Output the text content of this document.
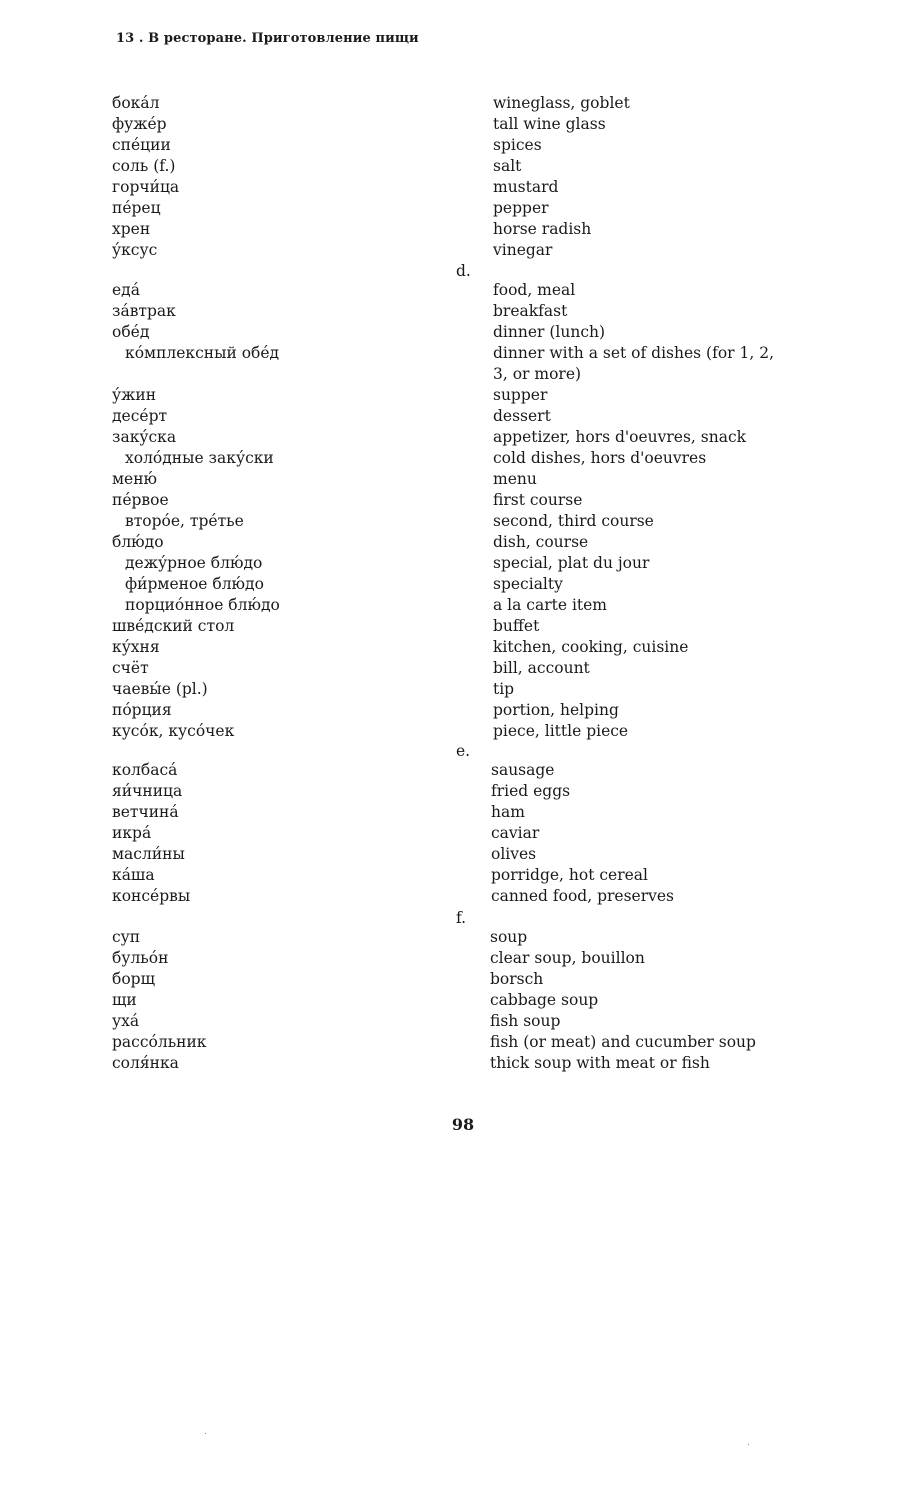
13 . В ресторане. Приготовление пищи
бока́л	wineglass, goblet
фуже́р	tall wine glass
спе́ции	spices
соль (f.)	salt
горчи́ца	mustard
пе́рец	pepper
хрен	horse radish
у́ксус	vinegar
d.
еда́	food, meal
за́втрак	breakfast
обе́д	dinner (lunch)
ко́мплексный обе́д	dinner with a set of dishes (for 1, 2,
3, or more)
у́жин	supper
десе́рт	dessert
заку́ска	appetizer, hors d'oeuvres, snack
холо́дные заку́ски	cold dishes, hors d'oeuvres
меню́	menu
пе́рвое	first course
второ́е, тре́тье	second, third course
блю́до	dish, course
дежу́рное блю́до	special, plat du jour
фи́рменое блю́до	specialty
порцио́нное блю́до	a la carte item
шве́дский стол	buffet
ку́хня	kitchen, cooking, cuisine
счёт	bill, account
чаевы́е (pl.)	tip
по́рция	portion, helping
кусо́к, кусо́чек	piece, little piece
e.
колбаса́	sausage
яи́чница	fried eggs
ветчина́	ham
икра́	caviar
масли́ны	olives
ка́ша	porridge, hot cereal
консе́рвы	canned food, preserves
f.
суп	soup
бульо́н	clear soup, bouillon
борщ	borsch
щи	cabbage soup
уха́	fish soup
рассо́льник	fish (or meat) and cucumber soup
соля́нка	thick soup with meat or fish
98
